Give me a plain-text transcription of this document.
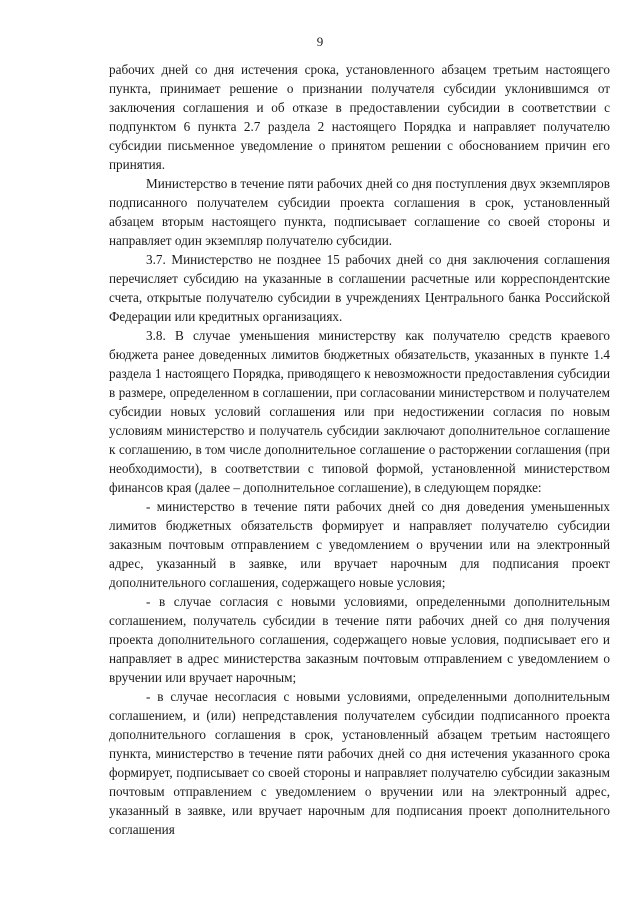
9

рабочих дней со дня истечения срока, установленного абзацем третьим настоящего пункта, принимает решение о признании получателя субсидии уклонившимся от заключения соглашения и об отказе в предоставлении субсидии в соответствии с подпунктом 6 пункта 2.7 раздела 2 настоящего Порядка и направляет получателю субсидии письменное уведомление о принятом решении с обоснованием причин его принятия.

Министерство в течение пяти рабочих дней со дня поступления двух экземпляров подписанного получателем субсидии проекта соглашения в срок, установленный абзацем вторым настоящего пункта, подписывает соглашение со своей стороны и направляет один экземпляр получателю субсидии.

3.7. Министерство не позднее 15 рабочих дней со дня заключения соглашения перечисляет субсидию на указанные в соглашении расчетные или корреспондентские счета, открытые получателю субсидии в учреждениях Центрального банка Российской Федерации или кредитных организациях.

3.8. В случае уменьшения министерству как получателю средств краевого бюджета ранее доведенных лимитов бюджетных обязательств, указанных в пункте 1.4 раздела 1 настоящего Порядка, приводящего к невозможности предоставления субсидии в размере, определенном в соглашении, при согласовании министерством и получателем субсидии новых условий соглашения или при недостижении согласия по новым условиям министерство и получатель субсидии заключают дополнительное соглашение к соглашению, в том числе дополнительное соглашение о расторжении соглашения (при необходимости), в соответствии с типовой формой, установленной министерством финансов края (далее – дополнительное соглашение), в следующем порядке:

- министерство в течение пяти рабочих дней со дня доведения уменьшенных лимитов бюджетных обязательств формирует и направляет получателю субсидии заказным почтовым отправлением с уведомлением о вручении или на электронный адрес, указанный в заявке, или вручает нарочным для подписания проект дополнительного соглашения, содержащего новые условия;

- в случае согласия с новыми условиями, определенными дополнительным соглашением, получатель субсидии в течение пяти рабочих дней со дня получения проекта дополнительного соглашения, содержащего новые условия, подписывает его и направляет в адрес министерства заказным почтовым отправлением с уведомлением о вручении или вручает нарочным;

- в случае несогласия с новыми условиями, определенными дополнительным соглашением, и (или) непредставления получателем субсидии подписанного проекта дополнительного соглашения в срок, установленный абзацем третьим настоящего пункта, министерство в течение пяти рабочих дней со дня истечения указанного срока формирует, подписывает со своей стороны и направляет получателю субсидии заказным почтовым отправлением с уведомлением о вручении или на электронный адрес, указанный в заявке, или вручает нарочным для подписания проект дополнительного соглашения
